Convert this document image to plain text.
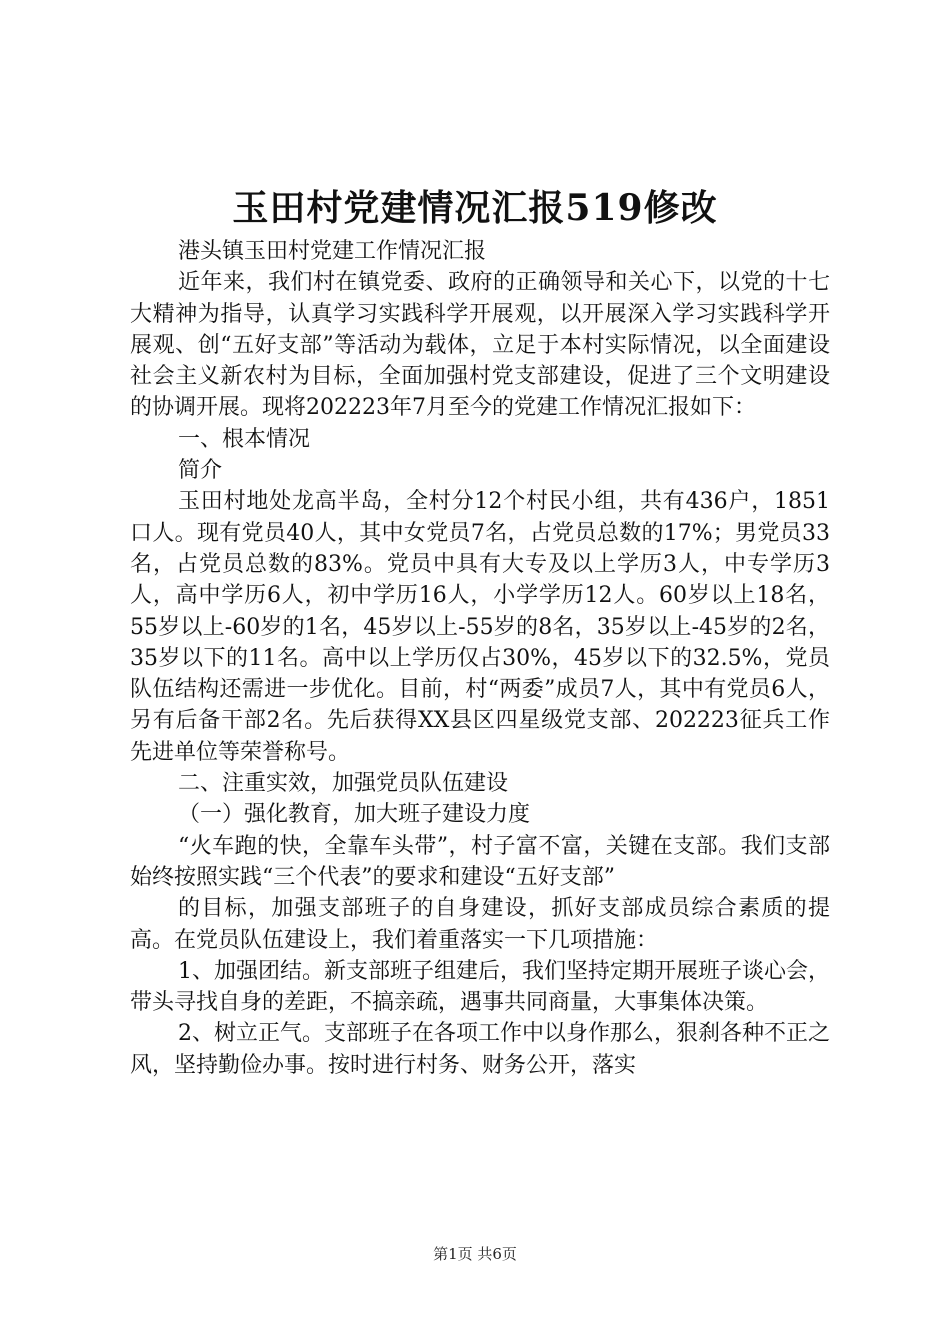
玉田村党建情况汇报519修改

港头镇玉田村党建工作情况汇报

近年来，我们村在镇党委、政府的正确领导和关心下，以党的十七大精神为指导，认真学习实践科学开展观，以开展深入学习实践科学开展观、创“五好支部”等活动为载体，立足于本村实际情况，以全面建设社会主义新农村为目标，全面加强村党支部建设，促进了三个文明建设的协调开展。现将202223年7月至今的党建工作情况汇报如下：

一、根本情况

简介

玉田村地处龙高半岛，全村分12个村民小组，共有436户，1851口人。现有党员40人，其中女党员7名，占党员总数的17%；男党员33名，占党员总数的83%。党员中具有大专及以上学历3人，中专学历3人，高中学历6人，初中学历16人，小学学历12人。60岁以上18名，55岁以上-60岁的1名，45岁以上-55岁的8名，35岁以上-45岁的2名，35岁以下的11名。高中以上学历仅占30%，45岁以下的32.5%，党员队伍结构还需进一步优化。目前，村“两委”成员7人，其中有党员6人，另有后备干部2名。先后获得XX县区四星级党支部、202223征兵工作先进单位等荣誉称号。

二、注重实效，加强党员队伍建设

（一）强化教育，加大班子建设力度

“火车跑的快，全靠车头带”，村子富不富，关键在支部。我们支部始终按照实践“三个代表”的要求和建设“五好支部”

的目标，加强支部班子的自身建设，抓好支部成员综合素质的提高。在党员队伍建设上，我们着重落实一下几项措施：

1、加强团结。新支部班子组建后，我们坚持定期开展班子谈心会，带头寻找自身的差距，不搞亲疏，遇事共同商量，大事集体决策。

2、树立正气。支部班子在各项工作中以身作那么，狠刹各种不正之风，坚持勤俭办事。按时进行村务、财务公开，落实

第1页 共6页
